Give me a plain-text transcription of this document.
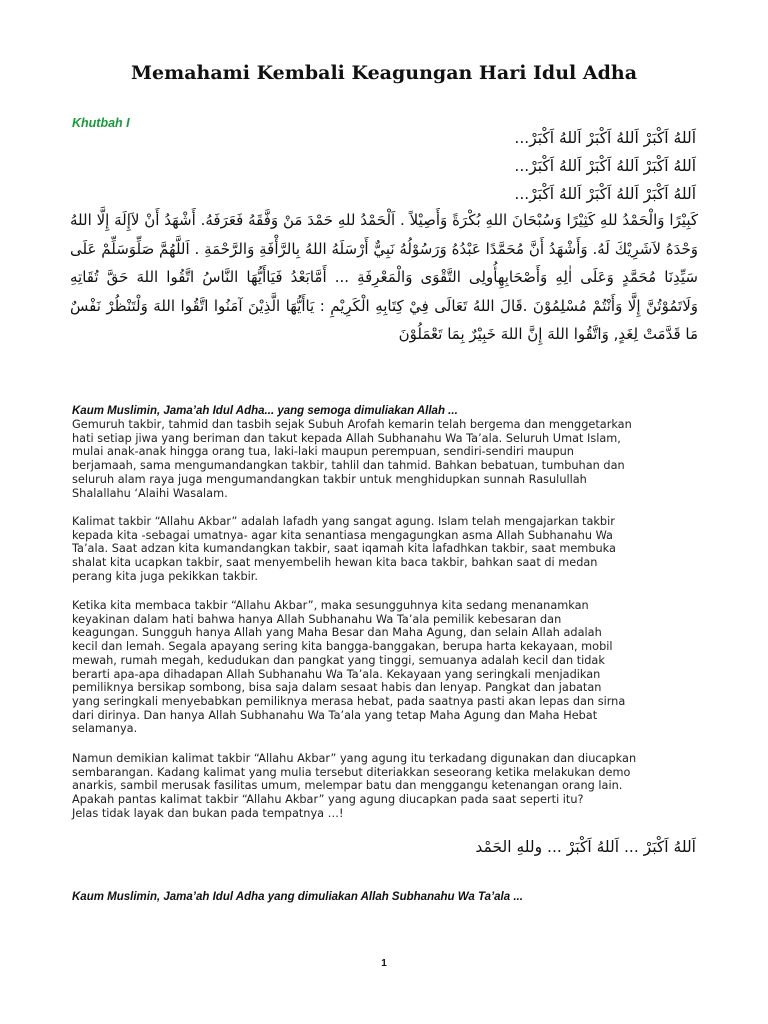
Memahami Kembali Keagungan Hari Idul Adha
Khutbah I
اَللهُ اَكْبَرْ اَللهُ اَكْبَرْ اَللهُ اَكْبَرْ...
اَللهُ اَكْبَرْ اَللهُ اَكْبَرْ اَللهُ اَكْبَرْ...
اَللهُ اَكْبَرْ اَللهُ اَكْبَرْ اَللهُ اَكْبَرْ...
كَبِيْرًا وَالْحَمْدُ للهِ كَثِيْرًا وَسُبْحَانَ اللهِ بُكْرَةً وَأَصِيْلاً . اَلْحَمْدُ للهِ حَمْدَ مَنْ وَفَّقَهُ فَعَرَفَهُ. أَشْهَدُ أَنْ لاَإِلَهَ إِلَّا اللهُ وَحْدَهُ لاَشَرِيْكَ لَهُ. وَأَشْهَدُ أَنَّ مُحَمَّدًا عَبْدُهُ وَرَسُوْلُهُ نَبِيٌّ أَرْسَلَهُ اللهُ بِالرَّأْفَةِ وَالرَّحْمَةِ . اَللَّهُمَّ صَلِّوَسَلِّمْ عَلَى سَيِّدِنَا مُحَمَّدٍ وَعَلَى اٰلِهِ وَأَصْحَابِهِأُولِى التَّقْوَى وَالْمَعْرِفَةِ ... أَمَّابَعْدُ فَيَاأَيُّهَا النَّاسُ اتَّقُوا اللهَ حَقَّ تُقَاتِهِ وَلَاتَمُوْتُنَّ إِلَّا وَأَنْتُمْ مُسْلِمُوْنَ .قَالَ اللهُ تَعَالَى فِيْ كِتَابِهِ الْكَرِيْمِ : يَاأَيُّهَا الَّذِيْنَ آمَنُوا اتَّقُوا اللهَ وَلْتَنْظُرْ نَفْسٌ مَا قَدَّمَتْ لِغَدٍ, وَاتَّقُوا اللهَ إِنَّ اللهَ خَبِيْرٌ بِمَا تَعْمَلُوْنَ
Kaum Muslimin, Jama’ah Idul Adha... yang semoga dimuliakan Allah ...
Gemuruh takbir, tahmid dan tasbih sejak Subuh Arofah kemarin telah bergema dan menggetarkan
hati setiap jiwa yang beriman dan takut kepada Allah Subhanahu Wa Ta’ala. Seluruh Umat Islam,
mulai anak-anak hingga orang tua, laki-laki maupun perempuan, sendiri-sendiri maupun
berjamaah, sama mengumandangkan takbir, tahlil dan tahmid. Bahkan bebatuan, tumbuhan dan
seluruh alam raya juga mengumandangkan takbir untuk menghidupkan sunnah Rasulullah
Shalallahu ‘Alaihi Wasalam.
Kalimat takbir “Allahu Akbar” adalah lafadh yang sangat agung. Islam telah mengajarkan takbir
kepada kita -sebagai umatnya- agar kita senantiasa mengagungkan asma Allah Subhanahu Wa
Ta’ala. Saat adzan kita kumandangkan takbir, saat iqamah kita lafadhkan takbir, saat membuka
shalat kita ucapkan takbir, saat menyembelih hewan kita baca takbir, bahkan saat di medan
perang kita juga pekikkan takbir.
Ketika kita membaca takbir “Allahu Akbar”, maka sesungguhnya kita sedang menanamkan
keyakinan dalam hati bahwa hanya Allah Subhanahu Wa Ta’ala pemilik kebesaran dan
keagungan. Sungguh hanya Allah yang Maha Besar dan Maha Agung, dan selain Allah adalah
kecil dan lemah. Segala apayang sering kita bangga-banggakan, berupa harta kekayaan, mobil
mewah, rumah megah, kedudukan dan pangkat yang tinggi, semuanya adalah kecil dan tidak
berarti apa-apa dihadapan Allah Subhanahu Wa Ta’ala. Kekayaan yang seringkali menjadikan
pemiliknya bersikap sombong, bisa saja dalam sesaat habis dan lenyap. Pangkat dan jabatan
yang seringkali menyebabkan pemiliknya merasa hebat, pada saatnya pasti akan lepas dan sirna
dari dirinya. Dan hanya Allah Subhanahu Wa Ta’ala yang tetap Maha Agung dan Maha Hebat
selamanya.
Namun demikian kalimat takbir “Allahu Akbar” yang agung itu terkadang digunakan dan diucapkan
sembarangan. Kadang kalimat yang mulia tersebut diteriakkan seseorang ketika melakukan demo
anarkis, sambil merusak fasilitas umum, melempar batu dan menggangu ketenangan orang lain.
Apakah pantas kalimat takbir “Allahu Akbar” yang agung diucapkan pada saat seperti itu?
Jelas tidak layak dan bukan pada tempatnya …!
اَللهُ اَكْبَرْ ... اَللهُ اَكْبَرْ ... وللهِ الحَمْد
Kaum Muslimin, Jama’ah Idul Adha yang dimuliakan Allah Subhanahu Wa Ta’ala ...
1
